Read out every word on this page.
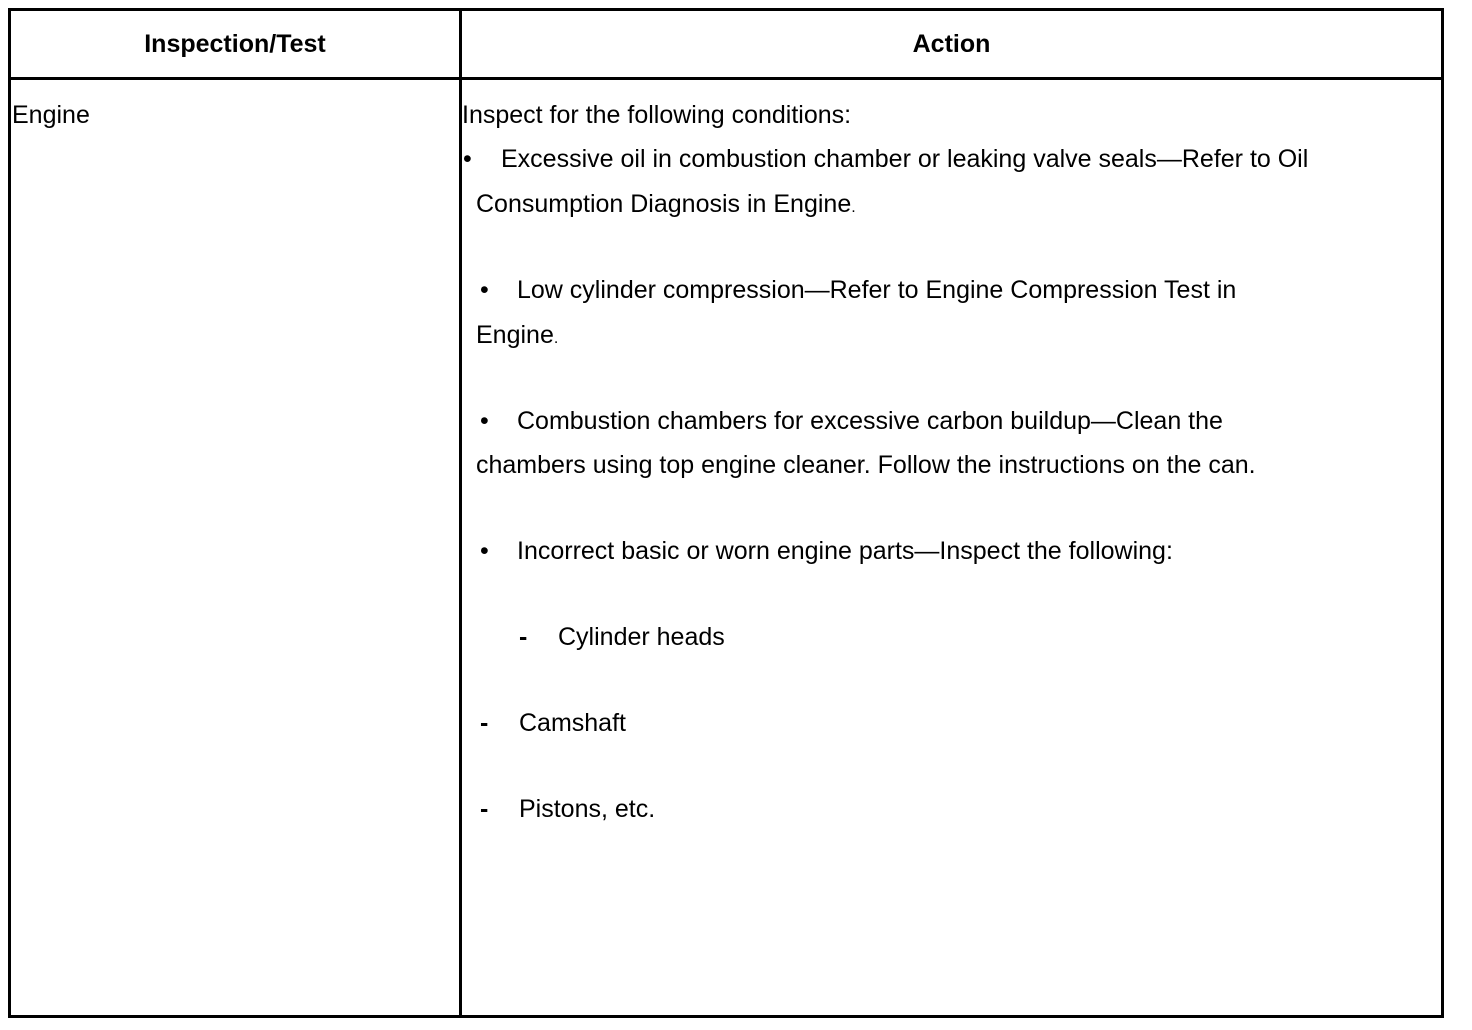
Inspection/Test	Action
Engine	Inspect for the following conditions:
• Excessive oil in combustion chamber or leaking valve seals—Refer to Oil
Consumption Diagnosis in Engine.
• Low cylinder compression—Refer to Engine Compression Test in
Engine.
• Combustion chambers for excessive carbon buildup—Clean the
chambers using top engine cleaner. Follow the instructions on the can.
• Incorrect basic or worn engine parts—Inspect the following:
- Cylinder heads
- Camshaft
- Pistons, etc.
